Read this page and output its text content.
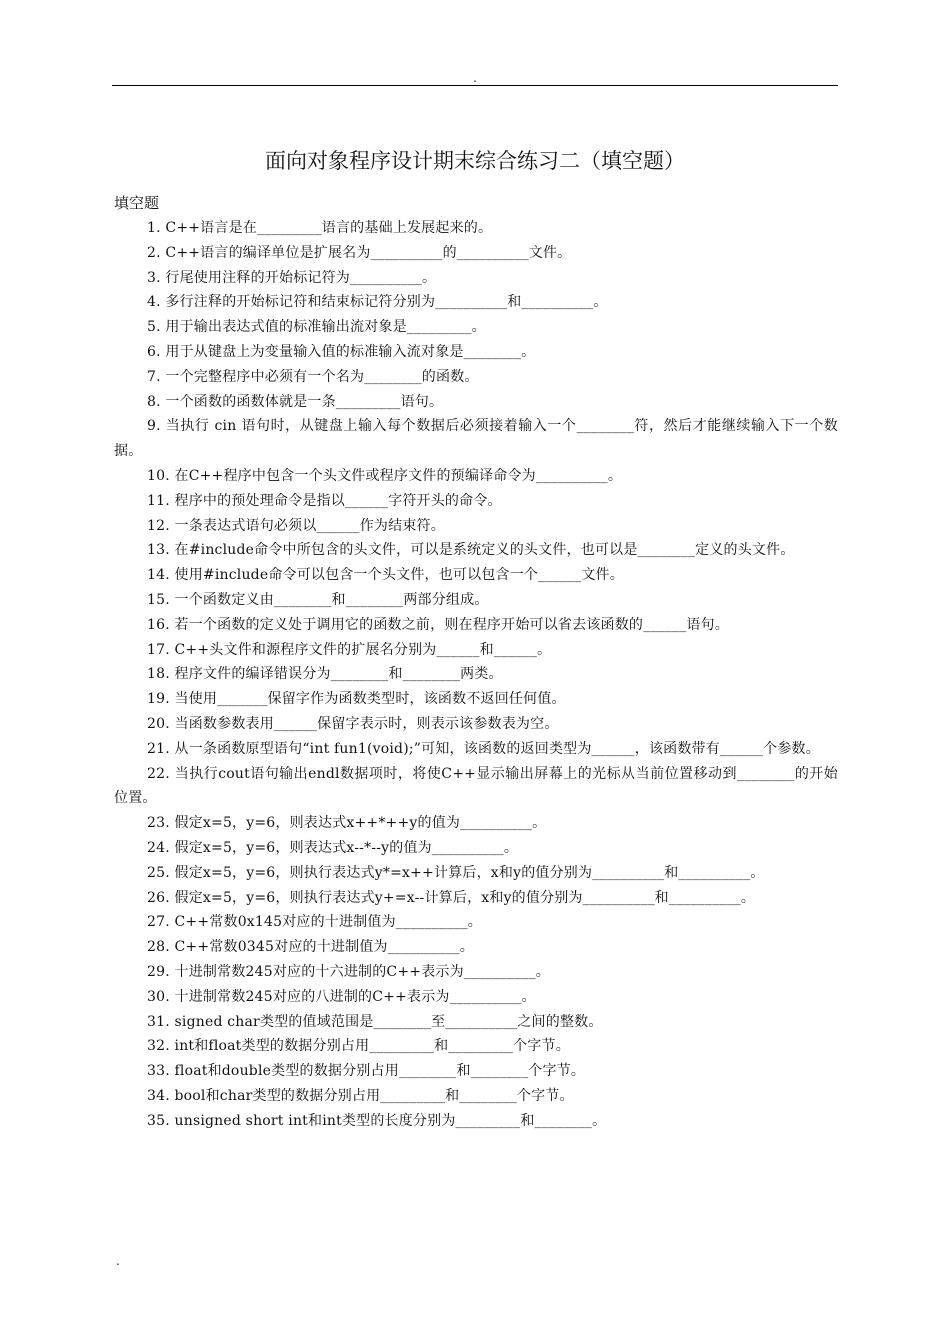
.
面向对象程序设计期末综合练习二（填空题）
填空题

1. C++语言是在_________语言的基础上发展起来的。

2. C++语言的编译单位是扩展名为__________的__________文件。

3. 行尾使用注释的开始标记符为__________。

4. 多行注释的开始标记符和结束标记符分别为__________和__________。

5. 用于输出表达式值的标准输出流对象是_________。

6. 用于从键盘上为变量输入值的标准输入流对象是________。

7. 一个完整程序中必须有一个名为________的函数。

8. 一个函数的函数体就是一条_________语句。

9. 当执行 cin 语句时，从键盘上输入每个数据后必须接着输入一个________符，然后才能继续输入下一个数据。

10. 在C++程序中包含一个头文件或程序文件的预编译命令为__________。

11. 程序中的预处理命令是指以______字符开头的命令。

12. 一条表达式语句必须以______作为结束符。

13. 在#include命令中所包含的头文件，可以是系统定义的头文件，也可以是________定义的头文件。

14. 使用#include命令可以包含一个头文件，也可以包含一个______文件。

15. 一个函数定义由________和________两部分组成。

16. 若一个函数的定义处于调用它的函数之前，则在程序开始可以省去该函数的______语句。

17. C++头文件和源程序文件的扩展名分别为______和______。

18. 程序文件的编译错误分为________和________两类。

19. 当使用_______保留字作为函数类型时，该函数不返回任何值。

20. 当函数参数表用______保留字表示时，则表示该参数表为空。

21. 从一条函数原型语句“int fun1(void);”可知，该函数的返回类型为______，该函数带有______个参数。

22. 当执行cout语句输出endl数据项时，将使C++显示输出屏幕上的光标从当前位置移动到________的开始位置。

23. 假定x=5，y=6，则表达式x++*++y的值为__________。

24. 假定x=5，y=6，则表达式x--*--y的值为__________。

25. 假定x=5，y=6，则执行表达式y*=x++计算后，x和y的值分别为__________和__________。

26. 假定x=5，y=6，则执行表达式y+=x--计算后，x和y的值分别为__________和__________。

27. C++常数0x145对应的十进制值为__________。

28. C++常数0345对应的十进制值为__________。

29. 十进制常数245对应的十六进制的C++表示为__________。

30. 十进制常数245对应的八进制的C++表示为__________。

31. signed char类型的值域范围是________至__________之间的整数。

32. int和float类型的数据分别占用_________和_________个字节。

33. float和double类型的数据分别占用________和________个字节。

34. bool和char类型的数据分别占用_________和________个字节。

35. unsigned short int和int类型的长度分别为_________和________。

.
